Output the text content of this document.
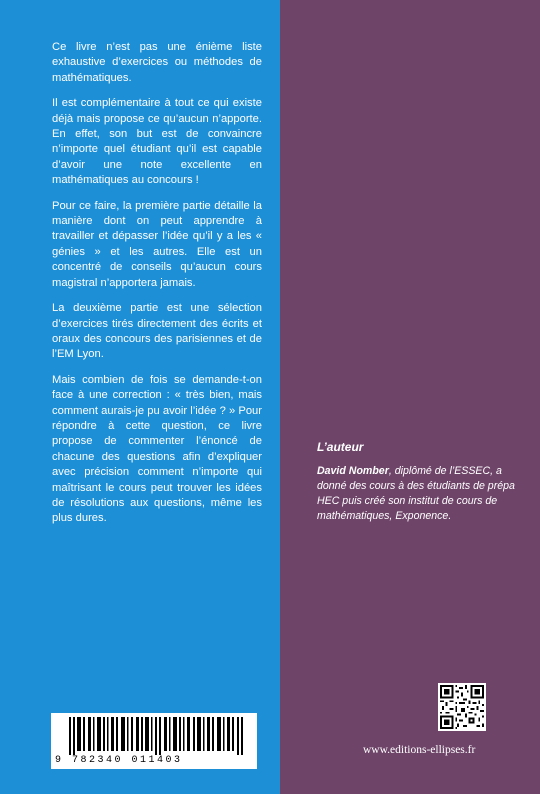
Ce livre n’est pas une énième liste exhaustive d’exercices ou méthodes de mathématiques.

Il est complémentaire à tout ce qui existe déjà mais propose ce qu’aucun n’apporte. En effet, son but est de convaincre n’importe quel étudiant qu’il est capable d’avoir une note excellente en mathématiques au concours !

Pour ce faire, la première partie détaille la manière dont on peut apprendre à travailler et dépasser l’idée qu’il y a les « génies » et les autres. Elle est un concentré de conseils qu’aucun cours magistral n’apportera jamais.

La deuxième partie est une sélection d’exercices tirés directement des écrits et oraux des concours des parisiennes et de l’EM Lyon.

Mais combien de fois se demande-t-on face à une correction : « très bien, mais comment aurais-je pu avoir l’idée ? » Pour répondre à cette question, ce livre propose de commenter l’énoncé de chacune des questions afin d’expliquer avec précision comment n’importe qui maîtrisant le cours peut trouver les idées de résolutions aux questions, même les plus dures.

L’auteur

David Nomber, diplômé de l’ESSEC, a donné des cours à des étudiants de prépa HEC puis créé son institut de cours de mathématiques, Exponence.

9 782340 011403
www.editions-ellipses.fr
